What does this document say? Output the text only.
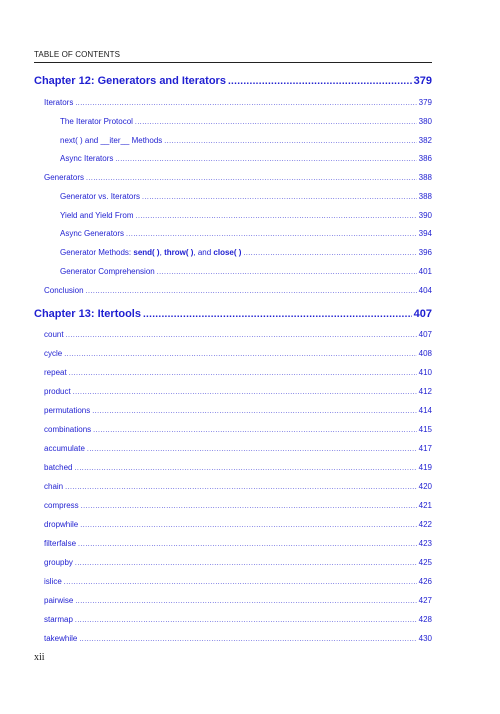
TABLE OF CONTENTS
Chapter 12: Generators and Iterators .....	379
Iterators .....	379
The Iterator Protocol .....	380
next( ) and __iter__ Methods .....	382
Async Iterators .....	386
Generators .....	388
Generator vs. Iterators .....	388
Yield and Yield From .....	390
Async Generators .....	394
Generator Methods: send( ), throw( ), and close( ) .....	396
Generator Comprehension .....	401
Conclusion .....	404
Chapter 13: Itertools .....	407
count .....	407
cycle .....	408
repeat .....	410
product .....	412
permutations .....	414
combinations .....	415
accumulate .....	417
batched .....	419
chain .....	420
compress .....	421
dropwhile .....	422
filterfalse .....	423
groupby .....	425
islice .....	426
pairwise .....	427
starmap .....	428
takewhile .....	430
xii
